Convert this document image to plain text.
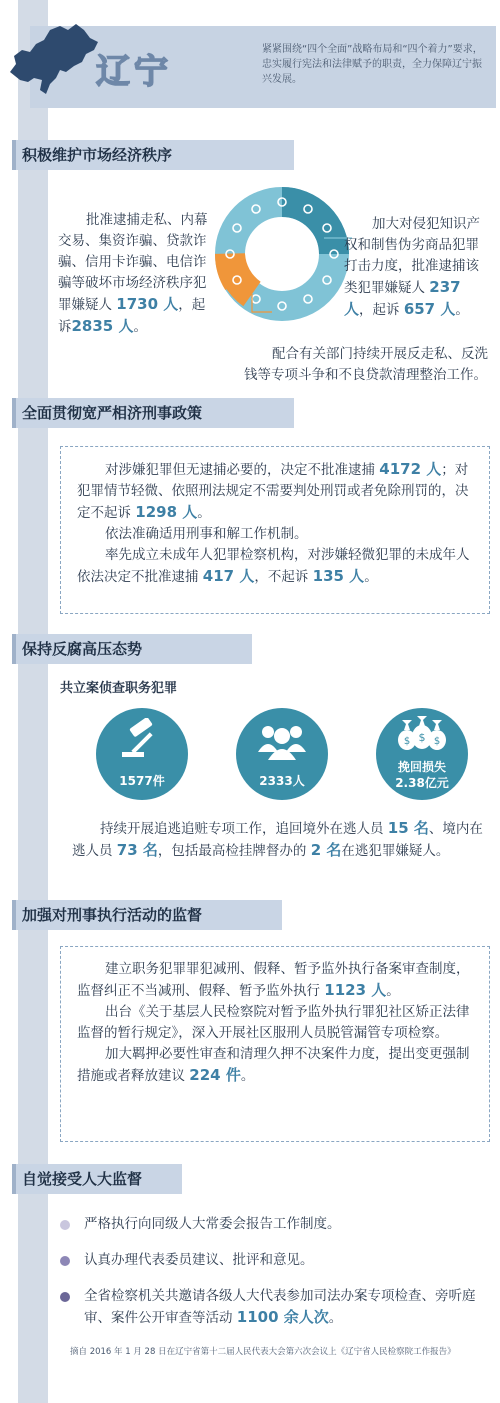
辽宁
紧紧围绕“四个全面”战略布局和“四个着力”要求，忠实履行宪法和法律赋予的职责，全力保障辽宁振兴发展。
积极维护市场经济秩序
批准逮捕走私、内幕交易、集资诈骗、贷款诈骗、信用卡诈骗、电信诈骗等破坏市场经济秩序犯罪嫌疑人 1730 人，起诉2835 人。
加大对侵犯知识产权和制售伪劣商品犯罪打击力度，批准逮捕该类犯罪嫌疑人 237 人，起诉 657 人。
配合有关部门持续开展反走私、反洗钱等专项斗争和不良贷款清理整治工作。
全面贯彻宽严相济刑事政策

对涉嫌犯罪但无逮捕必要的，决定不批准逮捕 4172 人；对犯罪情节轻微、依照刑法规定不需要判处刑罚或者免除刑罚的，决定不起诉 1298 人。

依法准确适用刑事和解工作机制。

率先成立未成年人犯罪检察机构，对涉嫌轻微犯罪的未成年人依法决定不批准逮捕 417 人，不起诉 135 人。

保持反腐高压态势
共立案侦查职务犯罪
1577件	2333人
$ $ $
挽回损失
2.38亿元
持续开展追逃追赃专项工作，追回境外在逃人员 15 名、境内在逃人员 73 名，包括最高检挂牌督办的 2 名在逃犯罪嫌疑人。
加强对刑事执行活动的监督

建立职务犯罪罪犯减刑、假释、暂予监外执行备案审查制度，监督纠正不当减刑、假释、暂予监外执行 1123 人。

出台《关于基层人民检察院对暂予监外执行罪犯社区矫正法律监督的暂行规定》，深入开展社区服刑人员脱管漏管专项检察。

加大羁押必要性审查和清理久押不决案件力度，提出变更强制措施或者释放建议 224 件。

自觉接受人大监督
严格执行向同级人大常委会报告工作制度。
认真办理代表委员建议、批评和意见。
全省检察机关共邀请各级人大代表参加司法办案专项检查、旁听庭审、案件公开审查等活动 1100 余人次。
摘自 2016 年 1 月 28 日在辽宁省第十二届人民代表大会第六次会议上《辽宁省人民检察院工作报告》
